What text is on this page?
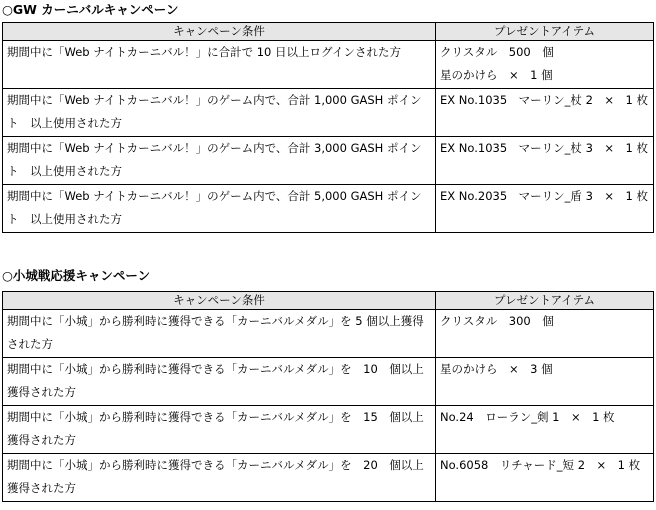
○GW カーニバルキャンペーン
キャンペーン条件	プレゼントアイテム
期間中に「Web ナイトカーニバル！」に合計で 10 日以上ログインされた方	クリスタル　500　個
星のかけら　×　1 個

期間中に「Web ナイトカーニバル！」のゲーム内で、合計 1,000 GASH ポイント　以上使用された方	EX No.1035　マーリン_杖 2　×　1 枚

期間中に「Web ナイトカーニバル！」のゲーム内で、合計 3,000 GASH ポイント　以上使用された方	EX No.1035　マーリン_杖 3　×　1 枚

期間中に「Web ナイトカーニバル！」のゲーム内で、合計 5,000 GASH ポイント　以上使用された方	EX No.2035　マーリン_盾 3　×　1 枚
○小城戦応援キャンペーン
キャンペーン条件	プレゼントアイテム
期間中に「小城」から勝利時に獲得できる「カーニバルメダル」を 5 個以上獲得された方	クリスタル　300　個

期間中に「小城」から勝利時に獲得できる「カーニバルメダル」を　10　個以上獲得された方	星のかけら　×　3 個

期間中に「小城」から勝利時に獲得できる「カーニバルメダル」を　15　個以上獲得された方	No.24　ローラン_剣 1　×　1 枚

期間中に「小城」から勝利時に獲得できる「カーニバルメダル」を　20　個以上獲得された方	No.6058　リチャード_短 2　×　1 枚
